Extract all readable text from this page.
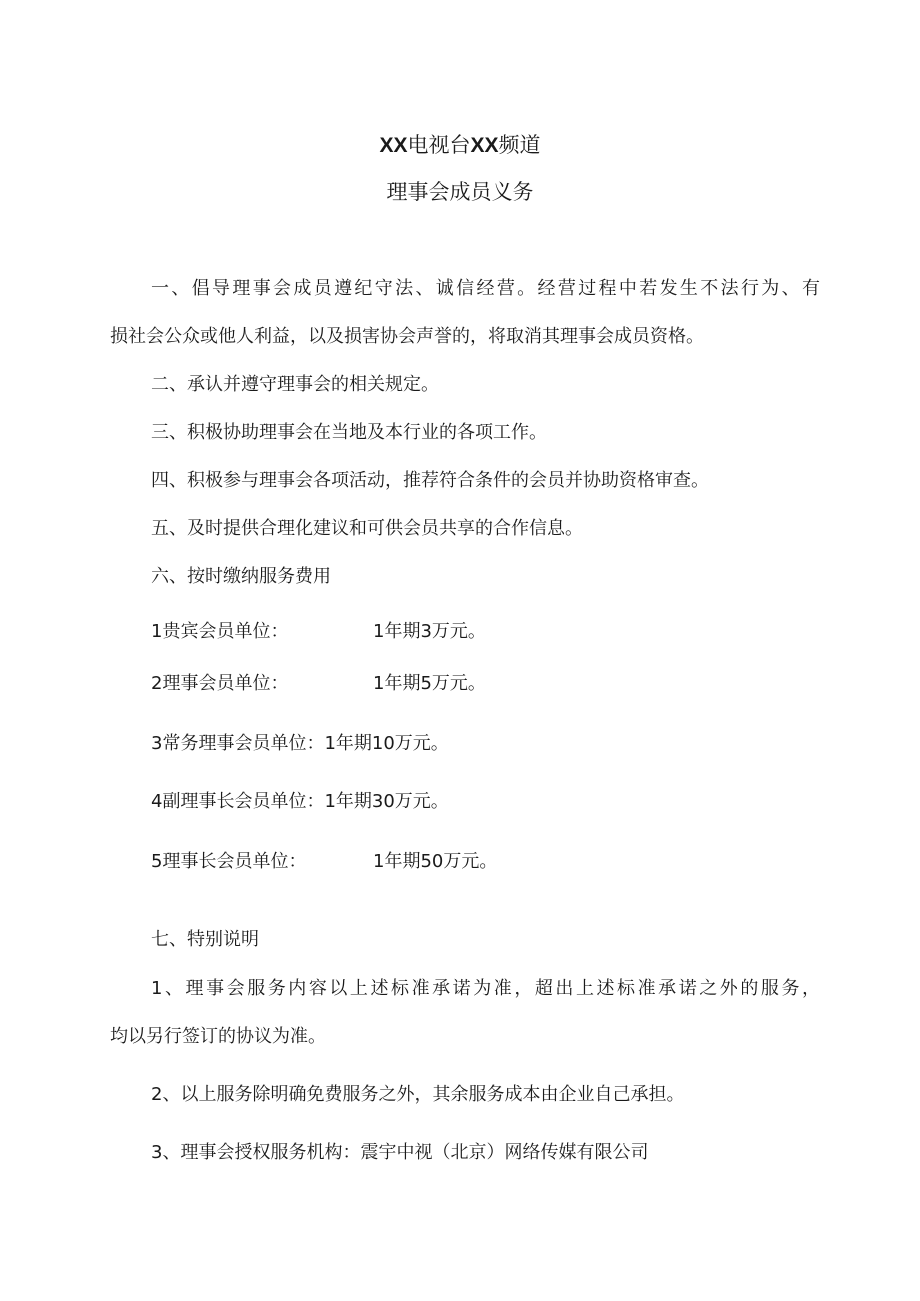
XX电视台XX频道
理事会成员义务
一、倡导理事会成员遵纪守法、诚信经营。经营过程中若发生不法行为、有
损社会公众或他人利益，以及损害协会声誉的，将取消其理事会成员资格。
二、承认并遵守理事会的相关规定。
三、积极协助理事会在当地及本行业的各项工作。
四、积极参与理事会各项活动，推荐符合条件的会员并协助资格审查。
五、及时提供合理化建议和可供会员共享的合作信息。
六、按时缴纳服务费用
1贵宾会员单位：	1年期3万元。
2理事会员单位：	1年期5万元。
3常务理事会员单位：1年期10万元。
4副理事长会员单位：1年期30万元。
5理事长会员单位：	1年期50万元。
七、特别说明
1、理事会服务内容以上述标准承诺为准，超出上述标准承诺之外的服务，
均以另行签订的协议为准。
2、以上服务除明确免费服务之外，其余服务成本由企业自己承担。
3、理事会授权服务机构：震宇中视（北京）网络传媒有限公司
